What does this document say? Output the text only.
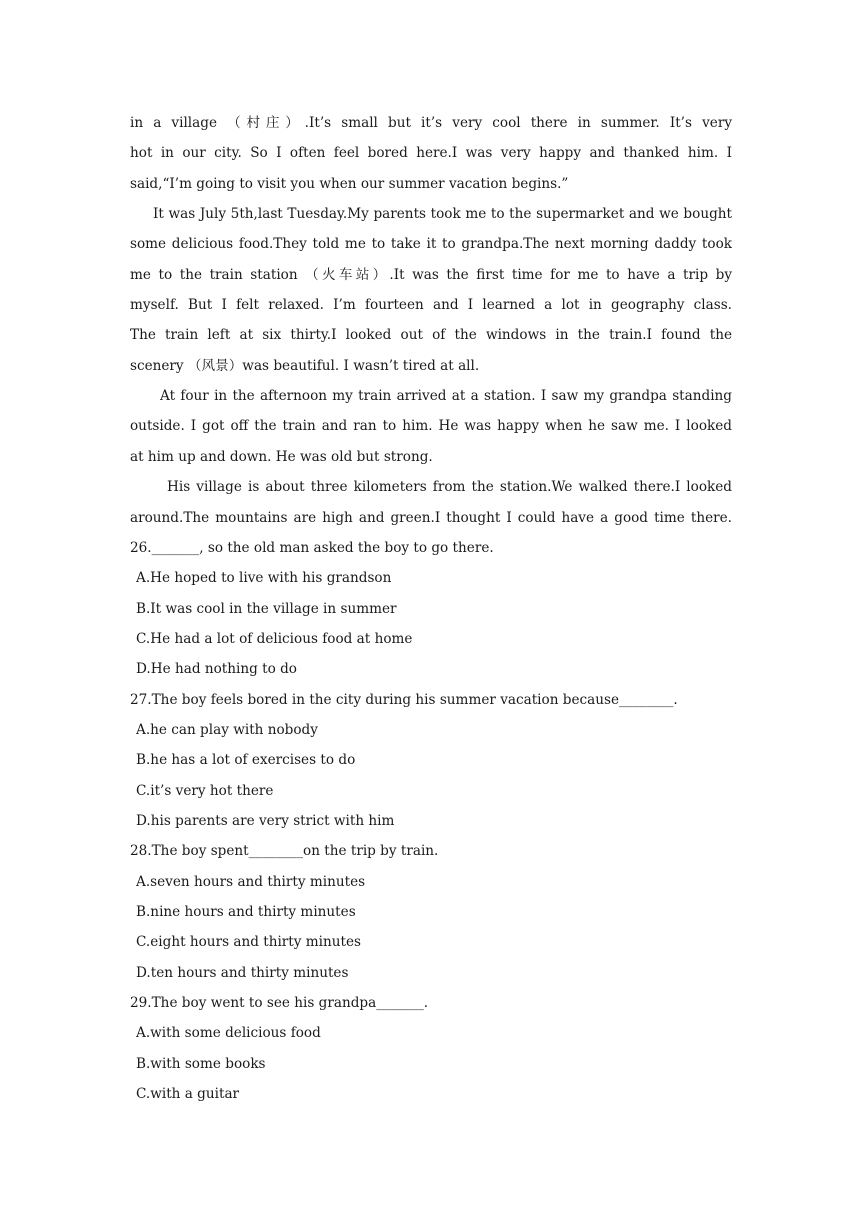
in a village （村庄）.It’s small but it’s very cool there in summer. It’s very
hot in our city. So I often feel bored here.I was very happy and thanked him. I
said,“I’m going to visit you when our summer vacation begins.”
It was July 5th,last Tuesday.My parents took me to the supermarket and we bought
some delicious food.They told me to take it to grandpa.The next morning daddy took
me to the train station （火车站）.It was the first time for me to have a trip by
myself. But I felt relaxed. I’m fourteen and I learned a lot in geography class.
The train left at six thirty.I looked out of the windows in the train.I found the
scenery （风景）was beautiful. I wasn’t tired at all.
At four in the afternoon my train arrived at a station. I saw my grandpa standing
outside. I got off the train and ran to him. He was happy when he saw me. I looked
at him up and down. He was old but strong.
His village is about three kilometers from the station.We walked there.I looked
around.The mountains are high and green.I thought I could have a good time there.
26._______, so the old man asked the boy to go there.
A.He hoped to live with his grandson
B.It was cool in the village in summer
C.He had a lot of delicious food at home
D.He had nothing to do
27.The boy feels bored in the city during his summer vacation because________.
A.he can play with nobody
B.he has a lot of exercises to do
C.it’s very hot there
D.his parents are very strict with him
28.The boy spent________on the trip by train.
A.seven hours and thirty minutes
B.nine hours and thirty minutes
C.eight hours and thirty minutes
D.ten hours and thirty minutes
29.The boy went to see his grandpa_______.
A.with some delicious food
B.with some books
C.with a guitar
